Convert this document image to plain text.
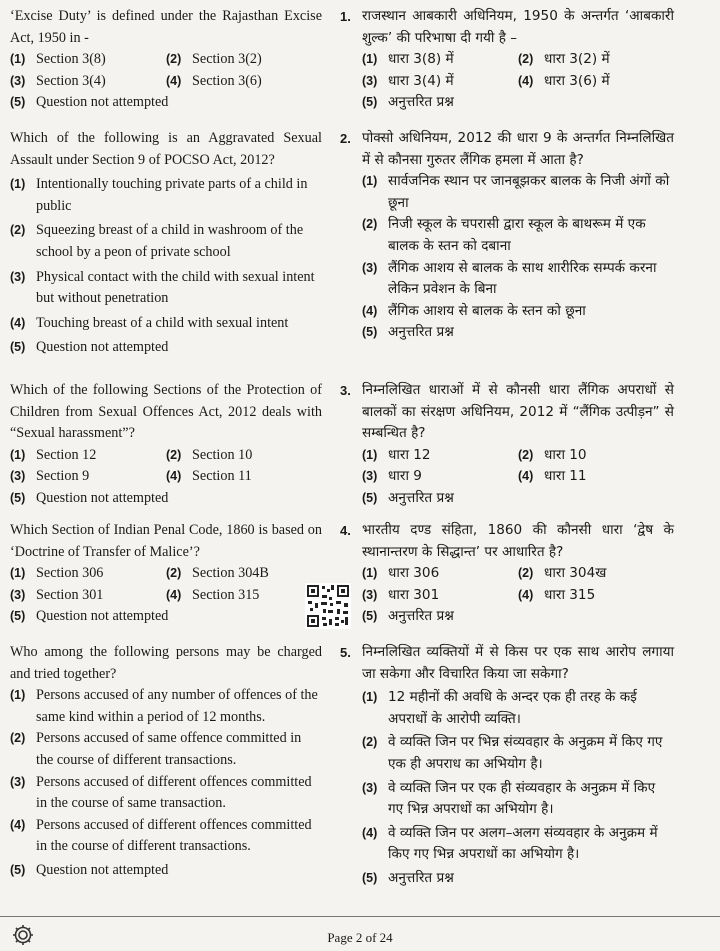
‘Excise Duty’ is defined under the Rajasthan Excise Act, 1950 in -
(1) Section 3(8)	(2) Section 3(2)
(3) Section 3(4)	(4) Section 3(6)
(5) Question not attempted
Which of the following is an Aggravated Sexual Assault under Section 9 of POCSO Act, 2012?
(1) Intentionally touching private parts of a child in public
(2) Squeezing breast of a child in washroom of the school by a peon of private school
(3) Physical contact with the child with sexual intent but without penetration
(4) Touching breast of a child with sexual intent
(5) Question not attempted
Which of the following Sections of the Protection of Children from Sexual Offences Act, 2012 deals with “Sexual harassment”?
(1) Section 12	(2) Section 10
(3) Section 9	(4) Section 11
(5) Question not attempted
Which Section of Indian Penal Code, 1860 is based on ‘Doctrine of Transfer of Malice’?
(1) Section 306	(2) Section 304B
(3) Section 301	(4) Section 315
(5) Question not attempted
Who among the following persons may be charged and tried together?
(1) Persons accused of any number of offences of the same kind within a period of 12 months.
(2) Persons accused of same offence committed in the course of different transactions.
(3) Persons accused of different offences committed in the course of same transaction.
(4) Persons accused of different offences committed in the course of different transactions.
(5) Question not attempted
1. राजस्थान आबकारी अधिनियम, 1950 के अन्तर्गत ‘आबकारी शुल्क’ की परिभाषा दी गयी है –
(1) धारा 3(8) में	(2) धारा 3(2) में
(3) धारा 3(4) में	(4) धारा 3(6) में
(5) अनुत्तरित प्रश्न
2. पोक्सो अधिनियम, 2012 की धारा 9 के अन्तर्गत निम्नलिखित में से कौनसा गुरुतर लैंगिक हमला में आता है?
(1) सार्वजनिक स्थान पर जानबूझकर बालक के निजी अंगों को छूना
(2) निजी स्कूल के चपरासी द्वारा स्कूल के बाथरूम में एक बालक के स्तन को दबाना
(3) लैंगिक आशय से बालक के साथ शारीरिक सम्पर्क करना लेकिन प्रवेशन के बिना
(4) लैंगिक आशय से बालक के स्तन को छूना
(5) अनुत्तरित प्रश्न
3. निम्नलिखित धाराओं में से कौनसी धारा लैंगिक अपराधों से बालकों का संरक्षण अधिनियम, 2012 में “लैंगिक उत्पीड़न” से सम्बन्धित है?
(1) धारा 12	(2) धारा 10
(3) धारा 9	(4) धारा 11
(5) अनुत्तरित प्रश्न
4. भारतीय दण्ड संहिता, 1860 की कौनसी धारा ‘द्वेष के स्थानान्तरण के सिद्धान्त’ पर आधारित है?
(1) धारा 306	(2) धारा 304ख
(3) धारा 301	(4) धारा 315
(5) अनुत्तरित प्रश्न
5. निम्नलिखित व्यक्तियों में से किस पर एक साथ आरोप लगाया जा सकेगा और विचारित किया जा सकेगा?
(1) 12 महीनों की अवधि के अन्दर एक ही तरह के कई अपराधों के आरोपी व्यक्ति।
(2) वे व्यक्ति जिन पर भिन्न संव्यवहार के अनुक्रम में किए गए एक ही अपराध का अभियोग है।
(3) वे व्यक्ति जिन पर एक ही संव्यवहार के अनुक्रम में किए गए भिन्न अपराधों का अभियोग है।
(4) वे व्यक्ति जिन पर अलग–अलग संव्यवहार के अनुक्रम में किए गए भिन्न अपराधों का अभियोग है।
(5) अनुत्तरित प्रश्न
Page 2 of 24
